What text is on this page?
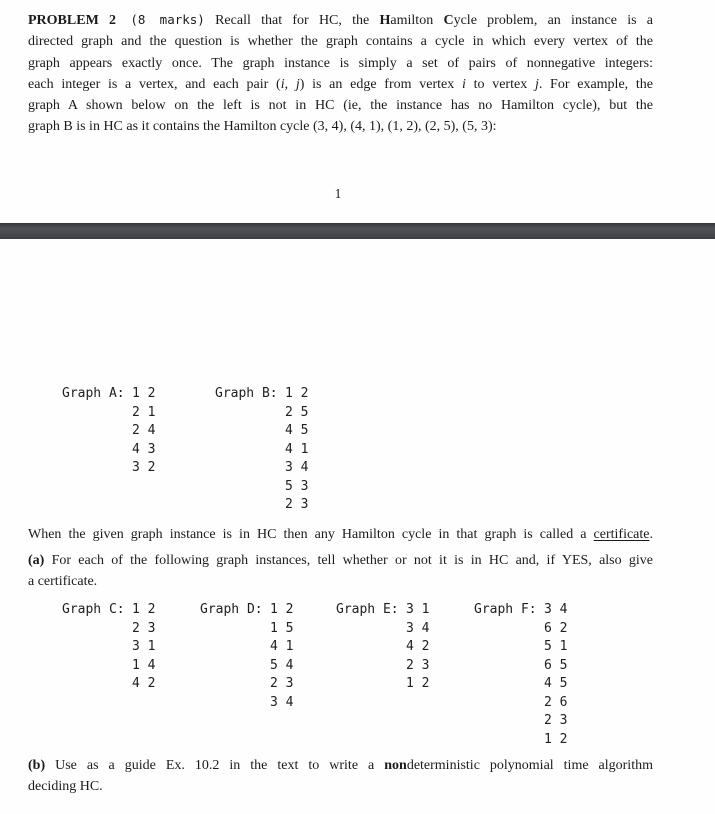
PROBLEM 2 (8 marks) Recall that for HC, the Hamilton Cycle problem, an instance is a
directed graph and the question is whether the graph contains a cycle in which every vertex of the
graph appears exactly once. The graph instance is simply a set of pairs of nonnegative integers:
each integer is a vertex, and each pair (i, j) is an edge from vertex i to vertex j. For example, the
graph A shown below on the left is not in HC (ie, the instance has no Hamilton cycle), but the
graph B is in HC as it contains the Hamilton cycle (3, 4), (4, 1), (1, 2), (2, 5), (5, 3):
1
Graph A: 1 2
2 1
2 4
4 3
3 2
Graph B: 1 2
2 5
4 5
4 1
3 4
5 3
2 3
When the given graph instance is in HC then any Hamilton cycle in that graph is called a certificate.
(a) For each of the following graph instances, tell whether or not it is in HC and, if YES, also give
a certificate.
Graph C: 1 2
2 3
3 1
1 4
4 2
Graph D: 1 2
1 5
4 1
5 4
2 3
3 4
Graph E: 3 1
3 4
4 2
2 3
1 2
Graph F: 3 4
6 2
5 1
6 5
4 5
2 6
2 3
1 2
(b) Use as a guide Ex. 10.2 in the text to write a nondeterministic polynomial time algorithm
deciding HC.
